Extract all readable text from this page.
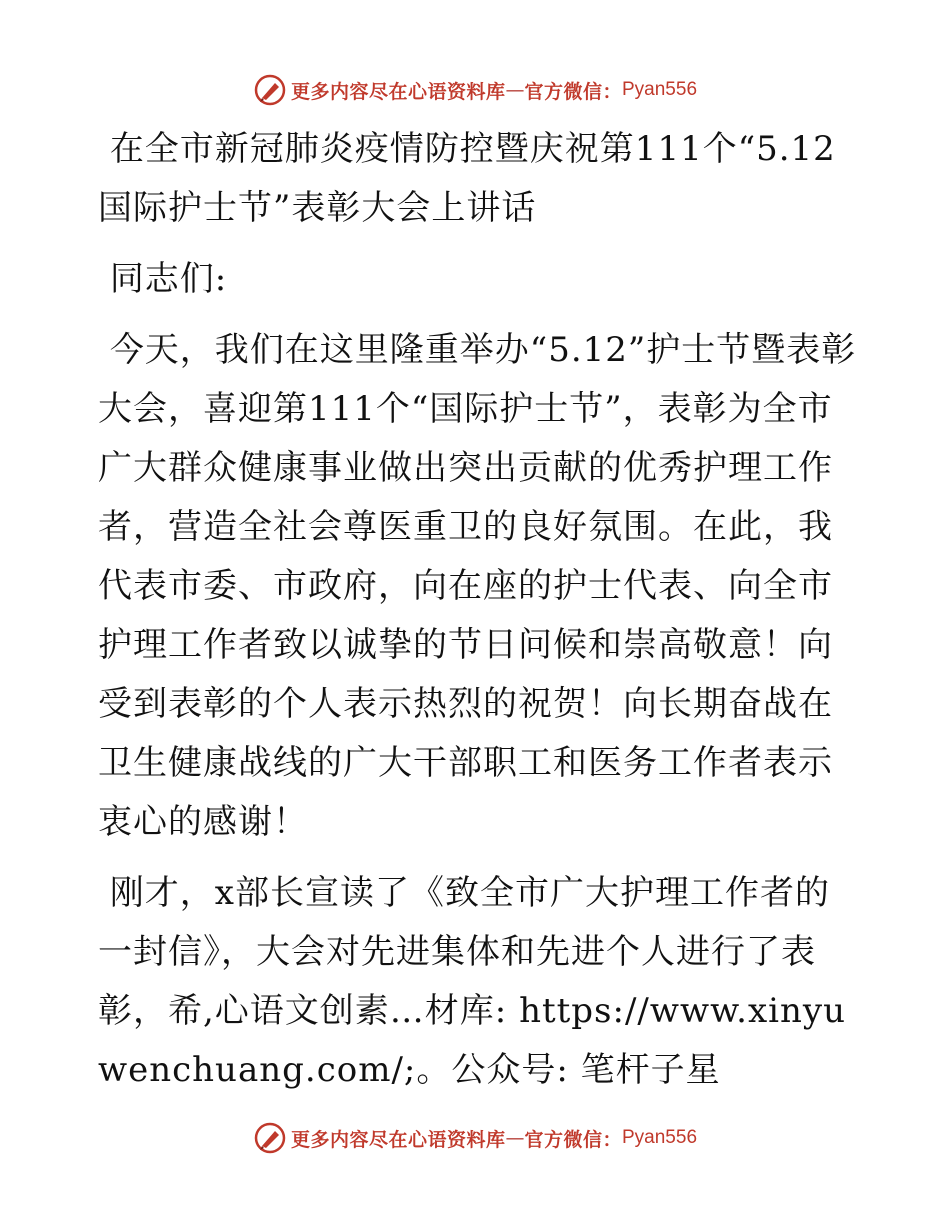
更多内容尽在心语资料库 — 官方微信： Pyan556

在全市新冠肺炎疫情防控暨庆祝第111个“5.12国际护士节”表彰大会上讲话

同志们:

今天，我们在这里隆重举办“5.12”护士节暨表彰大会，喜迎第111个“国际护士节”，表彰为全市广大群众健康事业做出突出贡献的优秀护理工作者，营造全社会尊医重卫的良好氛围。在此，我代表市委、市政府，向在座的护士代表、向全市护理工作者致以诚挚的节日问候和崇高敬意！向受到表彰的个人表示热烈的祝贺！向长期奋战在卫生健康战线的广大干部职工和医务工作者表示衷心的感谢！

刚才，x部长宣读了《致全市广大护理工作者的一封信》，大会对先进集体和先进个人进行了表彰，希,心语文创素…材库: https://www.xinyuwenchuang.com/;。公众号: 笔杆子星

更多内容尽在心语资料库 — 官方微信： Pyan556
